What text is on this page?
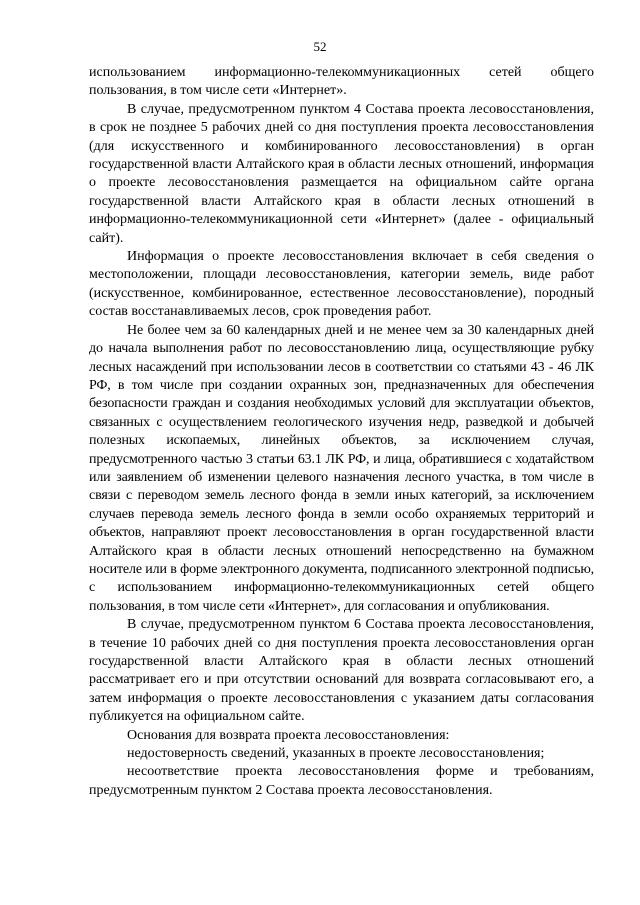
52

использованием информационно-телекоммуникационных сетей общего пользования, в том числе сети «Интернет».

В случае, предусмотренном пунктом 4 Состава проекта лесовосстановления, в срок не позднее 5 рабочих дней со дня поступления проекта лесовосстановления (для искусственного и комбинированного лесовосстановления) в орган государственной власти Алтайского края в области лесных отношений, информация о проекте лесовосстановления размещается на официальном сайте органа государственной власти Алтайского края в области лесных отношений в информационно-телекоммуникационной сети «Интернет» (далее - официальный сайт).

Информация о проекте лесовосстановления включает в себя сведения о местоположении, площади лесовосстановления, категории земель, виде работ (искусственное, комбинированное, естественное лесовосстановление), породный состав восстанавливаемых лесов, срок проведения работ.

Не более чем за 60 календарных дней и не менее чем за 30 календарных дней до начала выполнения работ по лесовосстановлению лица, осуществляющие рубку лесных насаждений при использовании лесов в соответствии со статьями 43 - 46 ЛК РФ, в том числе при создании охранных зон, предназначенных для обеспечения безопасности граждан и создания необходимых условий для эксплуатации объектов, связанных с осуществлением геологического изучения недр, разведкой и добычей полезных ископаемых, линейных объектов, за исключением случая, предусмотренного частью 3 статьи 63.1 ЛК РФ, и лица, обратившиеся с ходатайством или заявлением об изменении целевого назначения лесного участка, в том числе в связи с переводом земель лесного фонда в земли иных категорий, за исключением случаев перевода земель лесного фонда в земли особо охраняемых территорий и объектов, направляют проект лесовосстановления в орган государственной власти Алтайского края в области лесных отношений непосредственно на бумажном носителе или в форме электронного документа, подписанного электронной подписью, с использованием информационно-телекоммуникационных сетей общего пользования, в том числе сети «Интернет», для согласования и опубликования.

В случае, предусмотренном пунктом 6 Состава проекта лесовосстановления, в течение 10 рабочих дней со дня поступления проекта лесовосстановления орган государственной власти Алтайского края в области лесных отношений рассматривает его и при отсутствии оснований для возврата согласовывают его, а затем информация о проекте лесовосстановления с указанием даты согласования публикуется на официальном сайте.

Основания для возврата проекта лесовосстановления:

недостоверность сведений, указанных в проекте лесовосстановления;

несоответствие проекта лесовосстановления форме и требованиям, предусмотренным пунктом 2 Состава проекта лесовосстановления.
